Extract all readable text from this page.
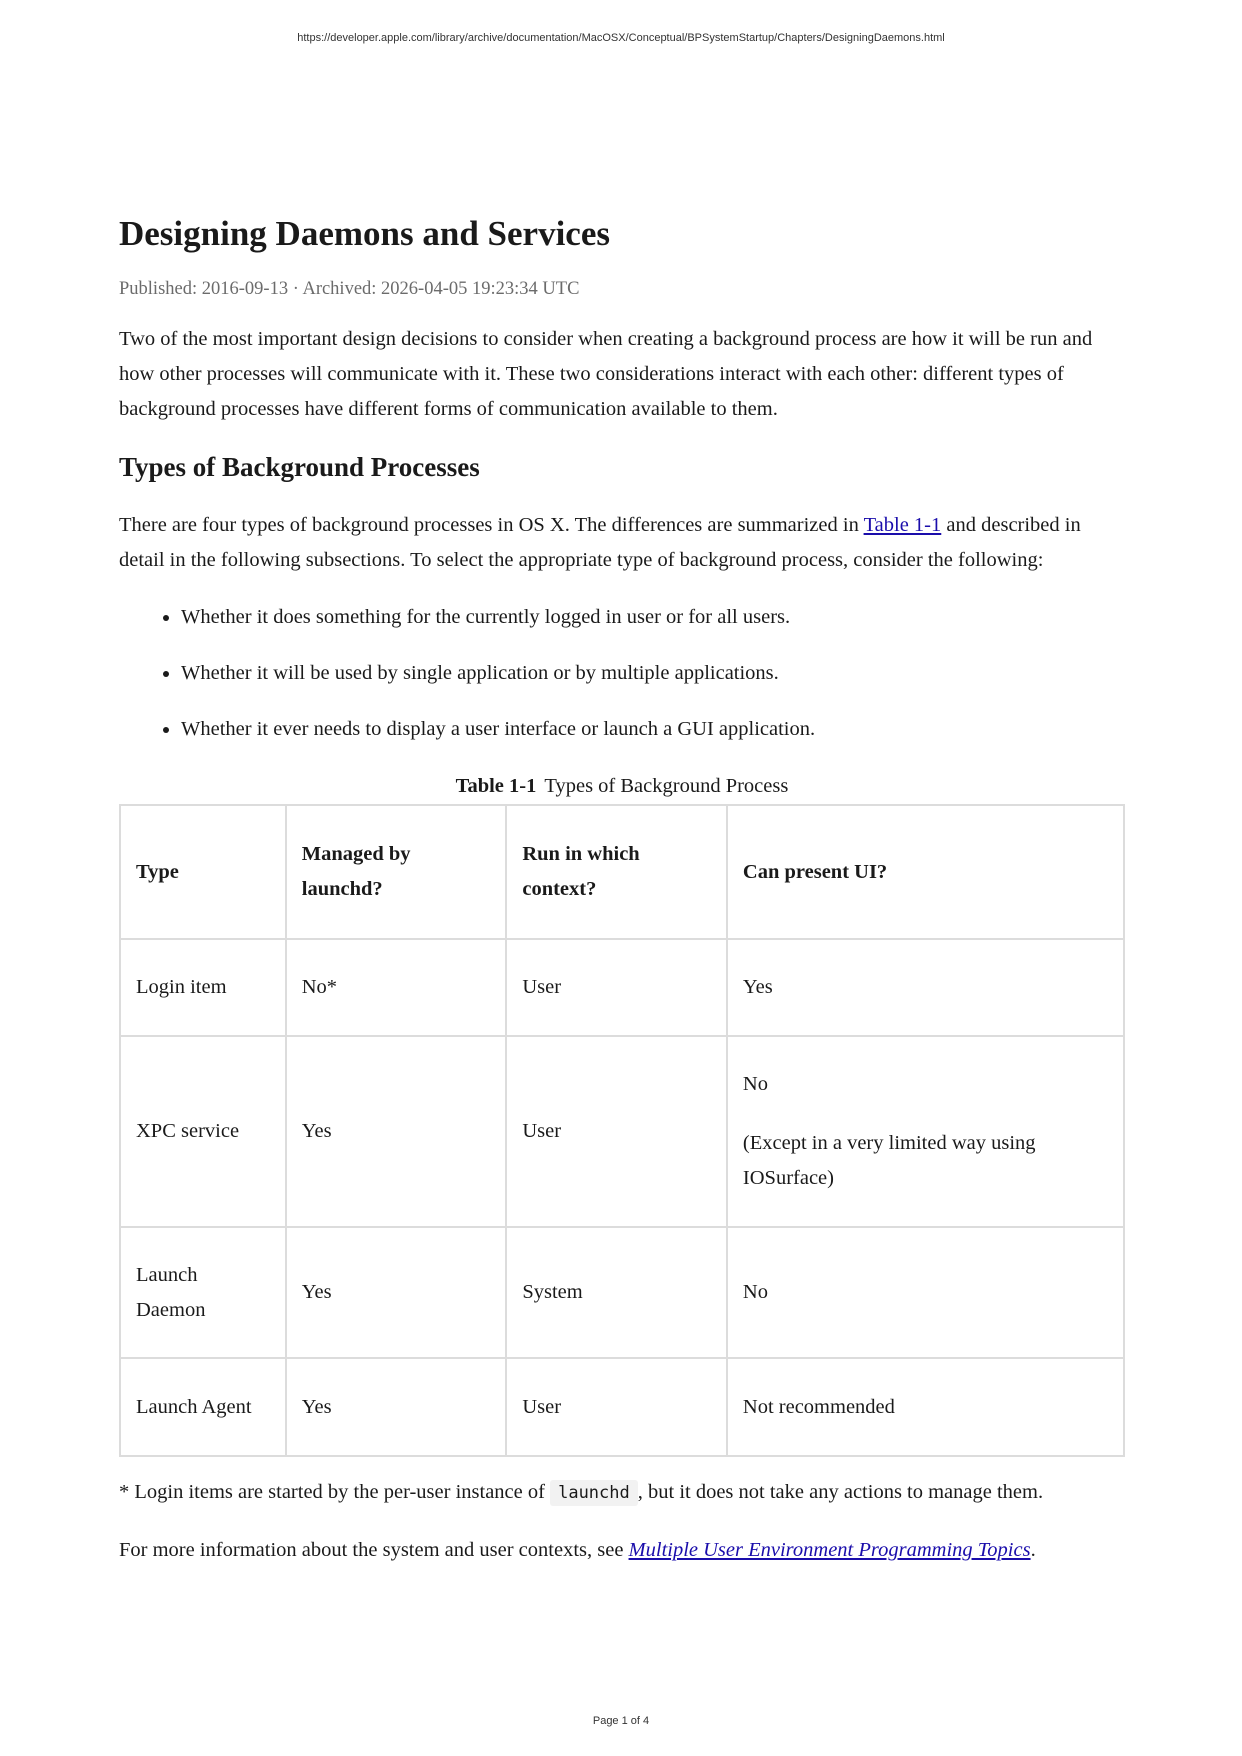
https://developer.apple.com/library/archive/documentation/MacOSX/Conceptual/BPSystemStartup/Chapters/DesigningDaemons.html
Designing Daemons and Services
Published: 2016-09-13 · Archived: 2026-04-05 19:23:34 UTC

Two of the most important design decisions to consider when creating a background process are how it will be run and how other processes will communicate with it. These two considerations interact with each other: different types of background processes have different forms of communication available to them.

Types of Background Processes

There are four types of background processes in OS X. The differences are summarized in Table 1-1 and described in detail in the following subsections. To select the appropriate type of background process, consider the following:

• Whether it does something for the currently logged in user or for all users.
• Whether it will be used by single application or by multiple applications.
• Whether it ever needs to display a user interface or launch a GUI application.
Table 1-1 Types of Background Process
Type	Managed by launchd?	Run in which context?	Can present UI?
Login item	No*	User	Yes
XPC service	Yes	User	No

(Except in a very limited way using IOSurface)

Launch Daemon	Yes	System	No
Launch Agent	Yes	User	Not recommended

* Login items are started by the per-user instance of launchd , but it does not take any actions to manage them.

For more information about the system and user contexts, see Multiple User Environment Programming Topics.

Page 1 of 4
